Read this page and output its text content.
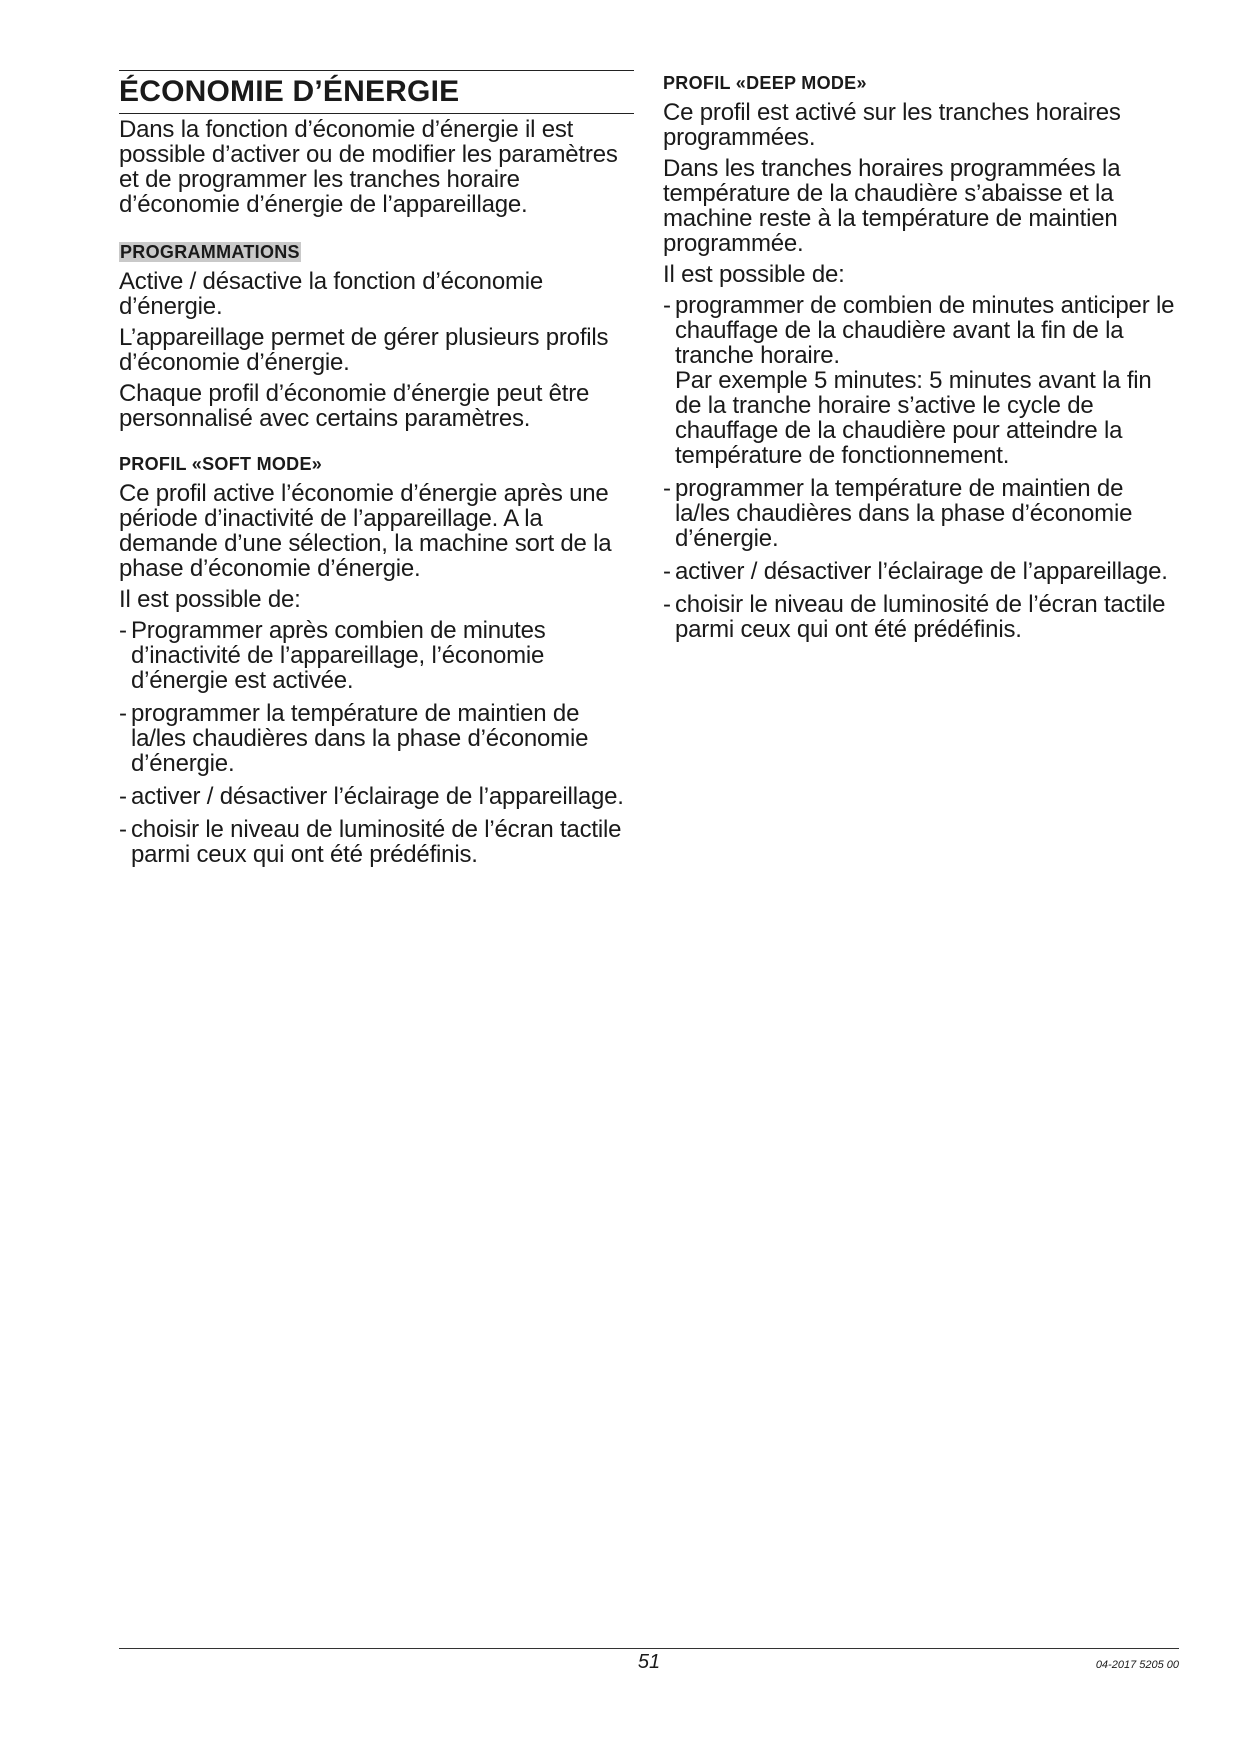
ÉCONOMIE D’ÉNERGIE

Dans la fonction d’économie d’énergie il est possible d’activer ou de modifier les paramètres et de programmer les tranches horaire d’économie d’énergie de l’appareillage.

PROGRAMMATIONS

Active / désactive la fonction d’économie d’énergie.

L’appareillage permet de gérer plusieurs profils d’économie d’énergie.

Chaque profil d’économie d’énergie peut être personnalisé avec certains paramètres.

PROFIL «SOFT MODE»

Ce profil active l’économie d’énergie après une période d’inactivité de l’appareillage. A la demande d’une sélection, la machine sort de la phase d’économie d’énergie.

Il est possible de:

- Programmer après combien de minutes d’inactivité de l’appareillage, l’économie d’énergie est activée.
- programmer la température de maintien de la/les chaudières dans la phase d’économie d’énergie.
- activer / désactiver l’éclairage de l’appareillage.
- choisir le niveau de luminosité de l’écran tactile parmi ceux qui ont été prédéfinis.
PROFIL «DEEP MODE»

Ce profil est activé sur les tranches horaires programmées.

Dans les tranches horaires programmées la température de la chaudière s’abaisse et la machine reste à la température de maintien programmée.

Il est possible de:

- programmer de combien de minutes anticiper le chauffage de la chaudière avant la fin de la tranche horaire.
Par exemple 5 minutes: 5 minutes avant la fin de la tranche horaire s’active le cycle de chauffage de la chaudière pour atteindre la température de fonctionnement.
- programmer la température de maintien de la/les chaudières dans la phase d’économie d’énergie.
- activer / désactiver l’éclairage de l’appareillage.
- choisir le niveau de luminosité de l’écran tactile parmi ceux qui ont été prédéfinis.
51	04-2017 5205 00
